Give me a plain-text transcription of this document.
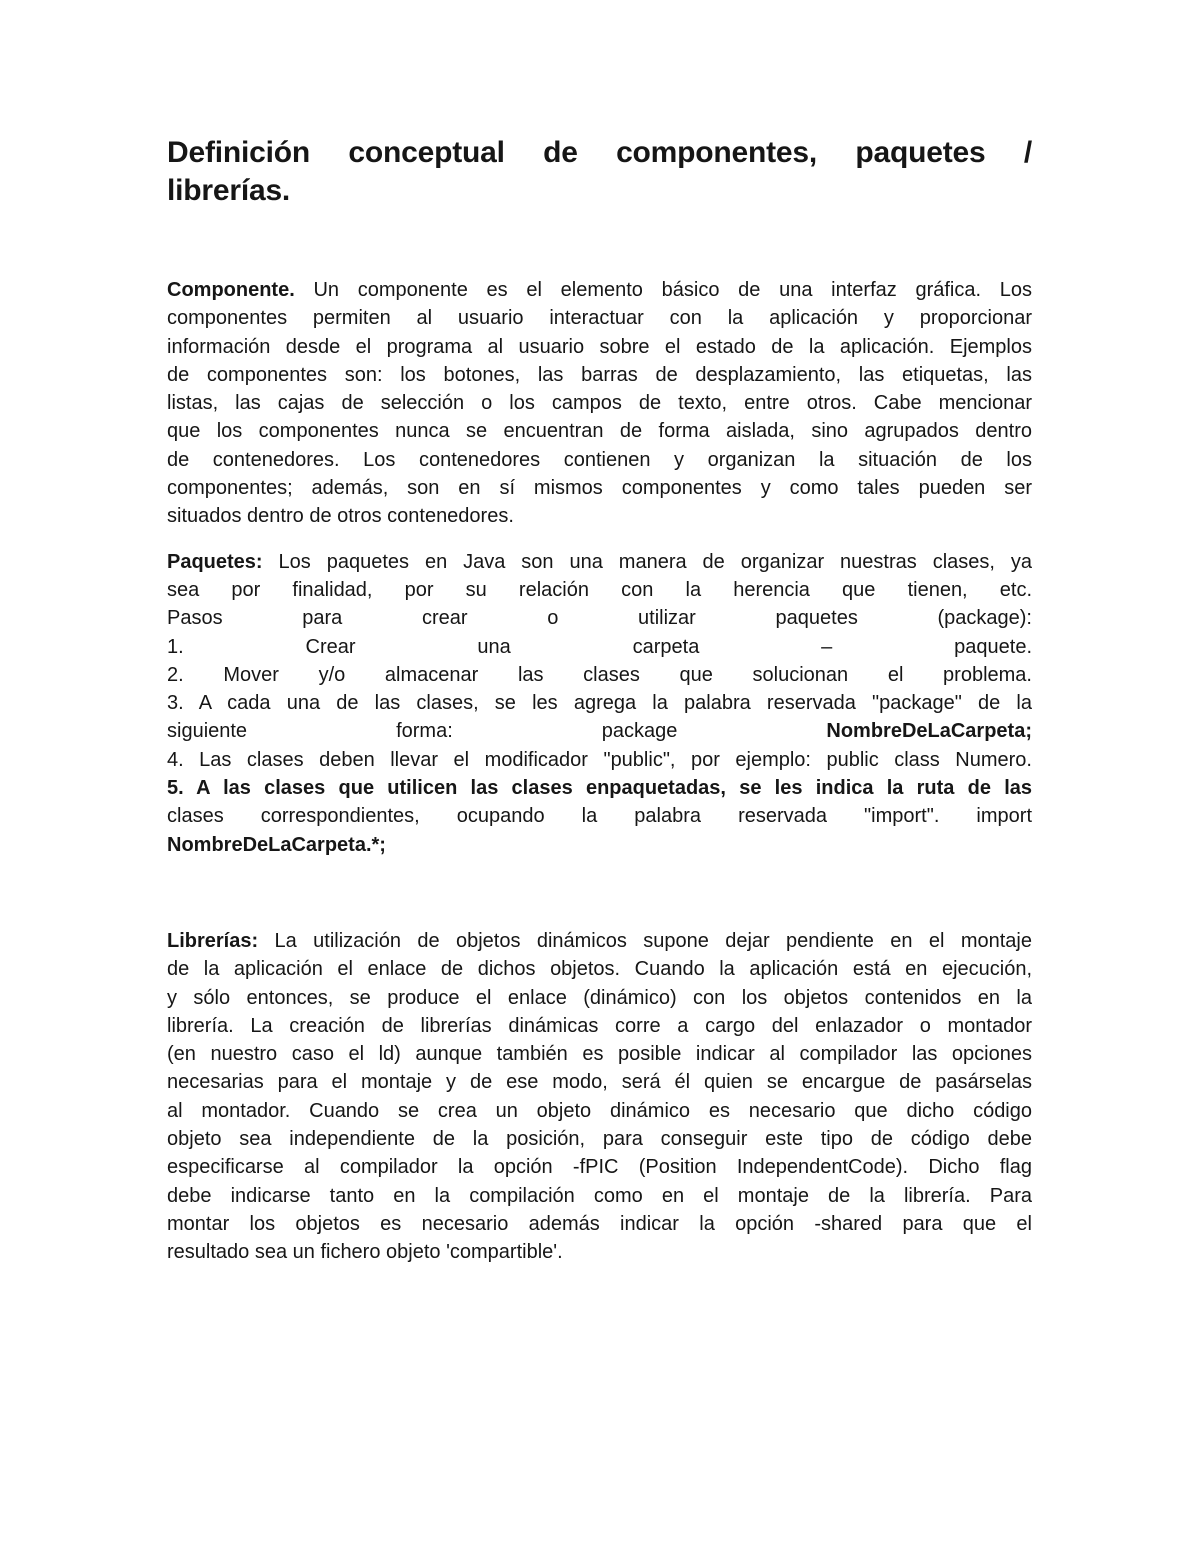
Definición conceptual de componentes, paquetes /
librerías.
Componente. Un componente es el elemento básico de una interfaz gráfica. Los
componentes permiten al usuario interactuar con la aplicación y proporcionar
información desde el programa al usuario sobre el estado de la aplicación. Ejemplos
de componentes son: los botones, las barras de desplazamiento, las etiquetas, las
listas, las cajas de selección o los campos de texto, entre otros. Cabe mencionar
que los componentes nunca se encuentran de forma aislada, sino agrupados dentro
de contenedores. Los contenedores contienen y organizan la situación de los
componentes; además, son en sí mismos componentes y como tales pueden ser
situados dentro de otros contenedores.
Paquetes: Los paquetes en Java son una manera de organizar nuestras clases, ya
sea por finalidad, por su relación con la herencia que tienen, etc.
Pasos para crear o utilizar paquetes (package):
1. Crear una carpeta – paquete.
2. Mover y/o almacenar las clases que solucionan el problema.
3. A cada una de las clases, se les agrega la palabra reservada "package" de la
siguiente forma: package NombreDeLaCarpeta;
4. Las clases deben llevar el modificador "public", por ejemplo: public class Numero.
5. A las clases que utilicen las clases enpaquetadas, se les indica la ruta de las
clases correspondientes, ocupando la palabra reservada "import". import
NombreDeLaCarpeta.*;
Librerías: La utilización de objetos dinámicos supone dejar pendiente en el montaje
de la aplicación el enlace de dichos objetos. Cuando la aplicación está en ejecución,
y sólo entonces, se produce el enlace (dinámico) con los objetos contenidos en la
librería. La creación de librerías dinámicas corre a cargo del enlazador o montador
(en nuestro caso el ld) aunque también es posible indicar al compilador las opciones
necesarias para el montaje y de ese modo, será él quien se encargue de pasárselas
al montador. Cuando se crea un objeto dinámico es necesario que dicho código
objeto sea independiente de la posición, para conseguir este tipo de código debe
especificarse al compilador la opción -fPIC (Position IndependentCode). Dicho flag
debe indicarse tanto en la compilación como en el montaje de la librería. Para
montar los objetos es necesario además indicar la opción -shared para que el
resultado sea un fichero objeto 'compartible'.
